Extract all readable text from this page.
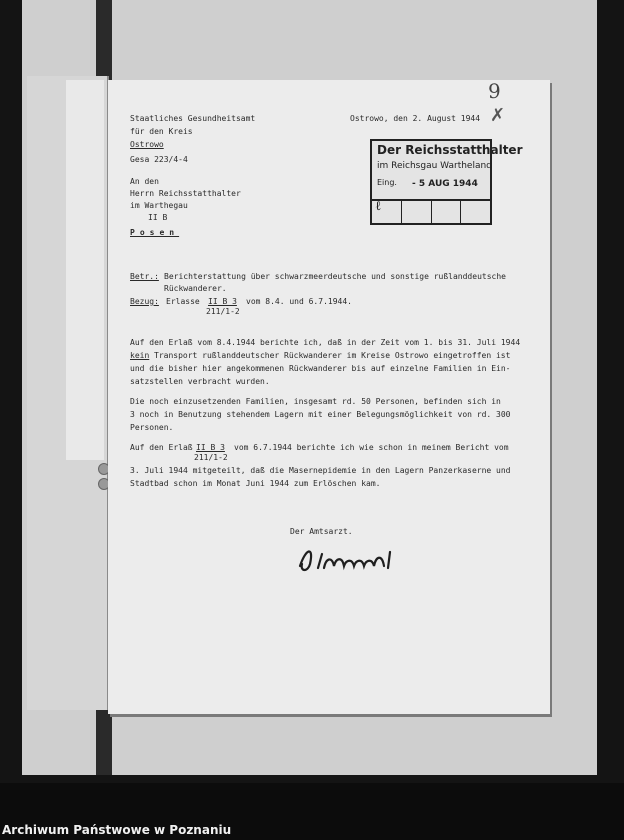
9
✗
Staatliches Gesundheitsamt
für den Kreis
Ostrowo
Gesa 223/4-4
Ostrowo, den 2. August 1944
Der Reichsstatthalter
im Reichsgau Wartheland
Eing. - 5 AUG 1944
ℓ
An den
Herrn Reichsstatthalter
im Warthegau
II B
Posen
Betr.: Berichterstattung über schwarzmeerdeutsche und sonstige rußlanddeutsche
Rückwanderer.
Bezug: Erlasse II B 3 vom 8.4. und 6.7.1944.
211/1-2
Auf den Erlaß vom 8.4.1944 berichte ich, daß in der Zeit vom 1. bis 31. Juli 1944
kein Transport rußlanddeutscher Rückwanderer im Kreise Ostrowo eingetroffen ist
und die bisher hier angekommenen Rückwanderer bis auf einzelne Familien in Ein-
satzstellen verbracht wurden.
Die noch einzusetzenden Familien, insgesamt rd. 50 Personen, befinden sich in
3 noch in Benutzung stehendem Lagern mit einer Belegungsmöglichkeit von rd. 300
Personen.
Auf den Erlaß II B 3 vom 6.7.1944 berichte ich wie schon in meinem Bericht vom
211/1-2
3. Juli 1944 mitgeteilt, daß die Masernepidemie in den Lagern Panzerkaserne und
Stadtbad schon im Monat Juni 1944 zum Erlöschen kam.
Der Amtsarzt.
Archiwum Państwowe w Poznaniu
